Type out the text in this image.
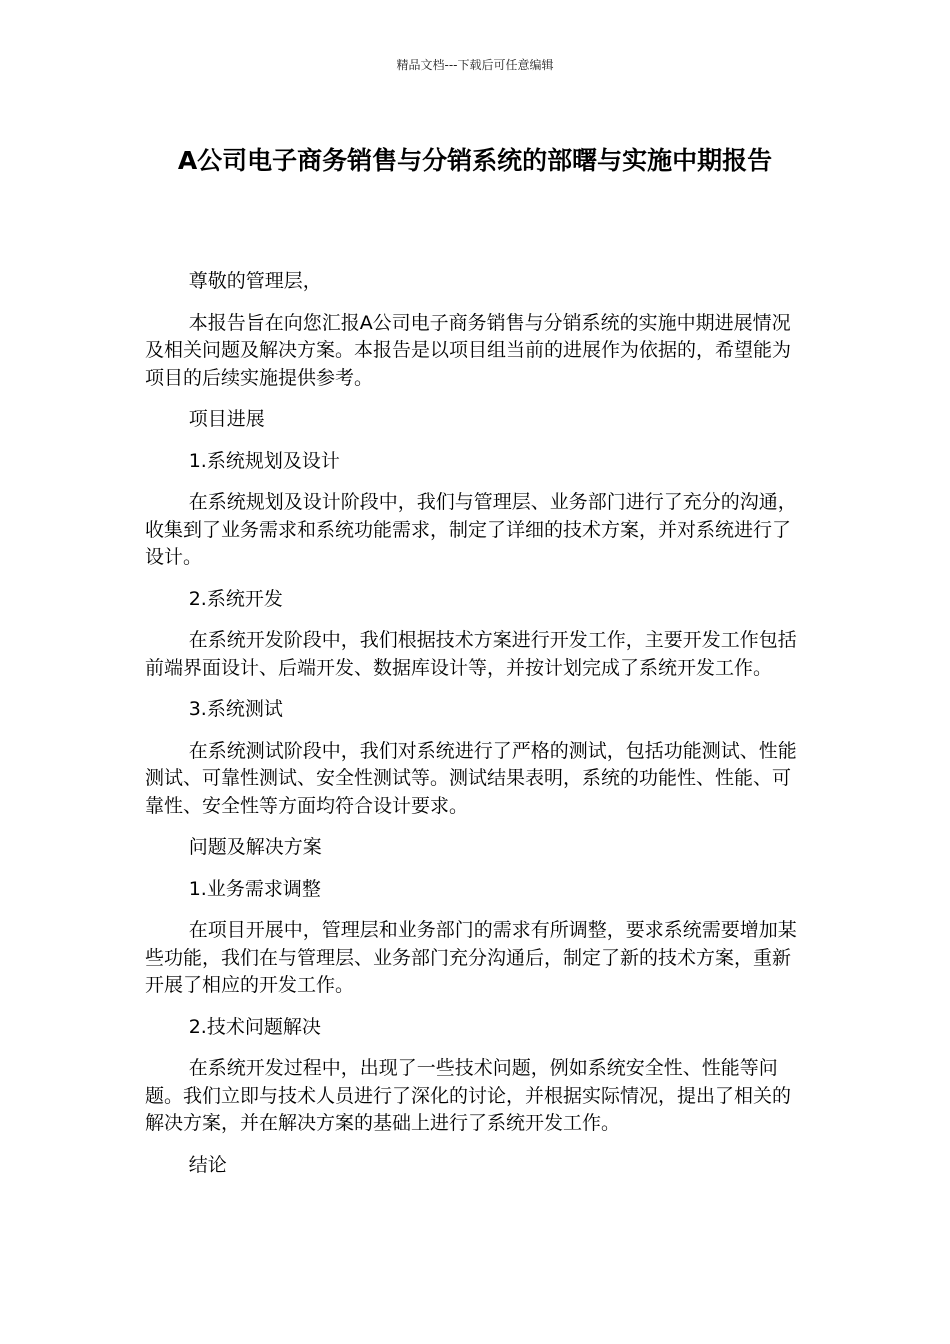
精品文档---下载后可任意编辑
A公司电子商务销售与分销系统的部曙与实施中期报告

尊敬的管理层，

本报告旨在向您汇报A公司电子商务销售与分销系统的实施中期进展情况及相关问题及解决方案。本报告是以项目组当前的进展作为依据的，希望能为项目的后续实施提供参考。

项目进展

1.系统规划及设计

在系统规划及设计阶段中，我们与管理层、业务部门进行了充分的沟通，收集到了业务需求和系统功能需求，制定了详细的技术方案，并对系统进行了设计。

2.系统开发

在系统开发阶段中，我们根据技术方案进行开发工作，主要开发工作包括前端界面设计、后端开发、数据库设计等，并按计划完成了系统开发工作。

3.系统测试

在系统测试阶段中，我们对系统进行了严格的测试，包括功能测试、性能测试、可靠性测试、安全性测试等。测试结果表明，系统的功能性、性能、可靠性、安全性等方面均符合设计要求。

问题及解决方案

1.业务需求调整

在项目开展中，管理层和业务部门的需求有所调整，要求系统需要增加某些功能，我们在与管理层、业务部门充分沟通后，制定了新的技术方案，重新开展了相应的开发工作。

2.技术问题解决

在系统开发过程中，出现了一些技术问题，例如系统安全性、性能等问题。我们立即与技术人员进行了深化的讨论，并根据实际情况，提出了相关的解决方案，并在解决方案的基础上进行了系统开发工作。

结论
